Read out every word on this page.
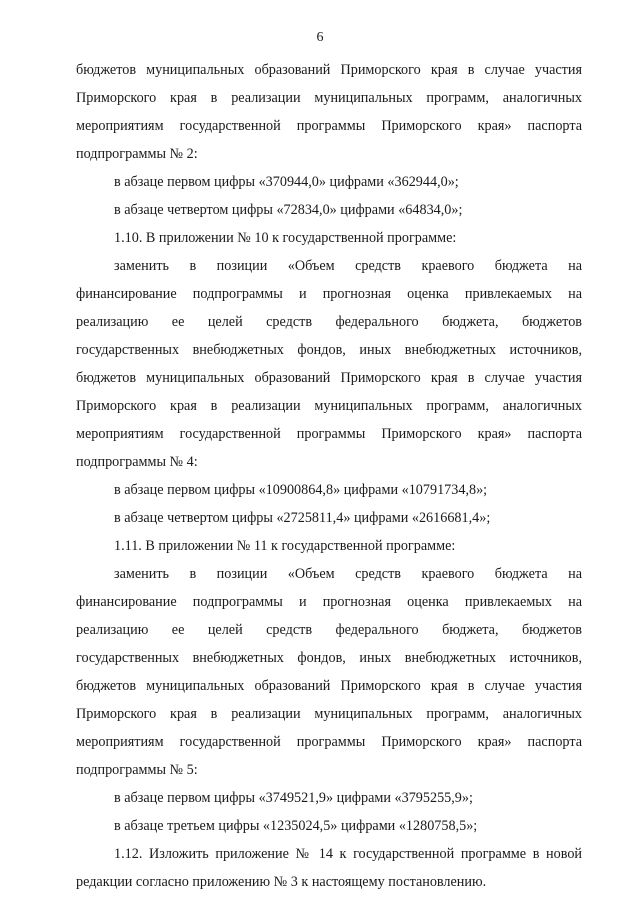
6

бюджетов муниципальных образований Приморского края в случае участия

Приморского края в реализации муниципальных программ, аналогичных

мероприятиям государственной программы Приморского края» паспорта

подпрограммы № 2:

в абзаце первом цифры «370944,0» цифрами «362944,0»;

в абзаце четвертом цифры «72834,0» цифрами «64834,0»;

1.10. В приложении № 10 к государственной программе:

заменить в позиции «Объем средств краевого бюджета на

финансирование подпрограммы и прогнозная оценка привлекаемых на

реализацию ее целей средств федерального бюджета, бюджетов

государственных внебюджетных фондов, иных внебюджетных источников,

бюджетов муниципальных образований Приморского края в случае участия

Приморского края в реализации муниципальных программ, аналогичных

мероприятиям государственной программы Приморского края» паспорта

подпрограммы № 4:

в абзаце первом цифры «10900864,8» цифрами «10791734,8»;

в абзаце четвертом цифры «2725811,4» цифрами «2616681,4»;

1.11. В приложении № 11 к государственной программе:

заменить в позиции «Объем средств краевого бюджета на

финансирование подпрограммы и прогнозная оценка привлекаемых на

реализацию ее целей средств федерального бюджета, бюджетов

государственных внебюджетных фондов, иных внебюджетных источников,

бюджетов муниципальных образований Приморского края в случае участия

Приморского края в реализации муниципальных программ, аналогичных

мероприятиям государственной программы Приморского края» паспорта

подпрограммы № 5:

в абзаце первом цифры «3749521,9» цифрами «3795255,9»;

в абзаце третьем цифры «1235024,5» цифрами «1280758,5»;

1.12. Изложить приложение № 14 к государственной программе в новой

редакции согласно приложению № 3 к настоящему постановлению.
